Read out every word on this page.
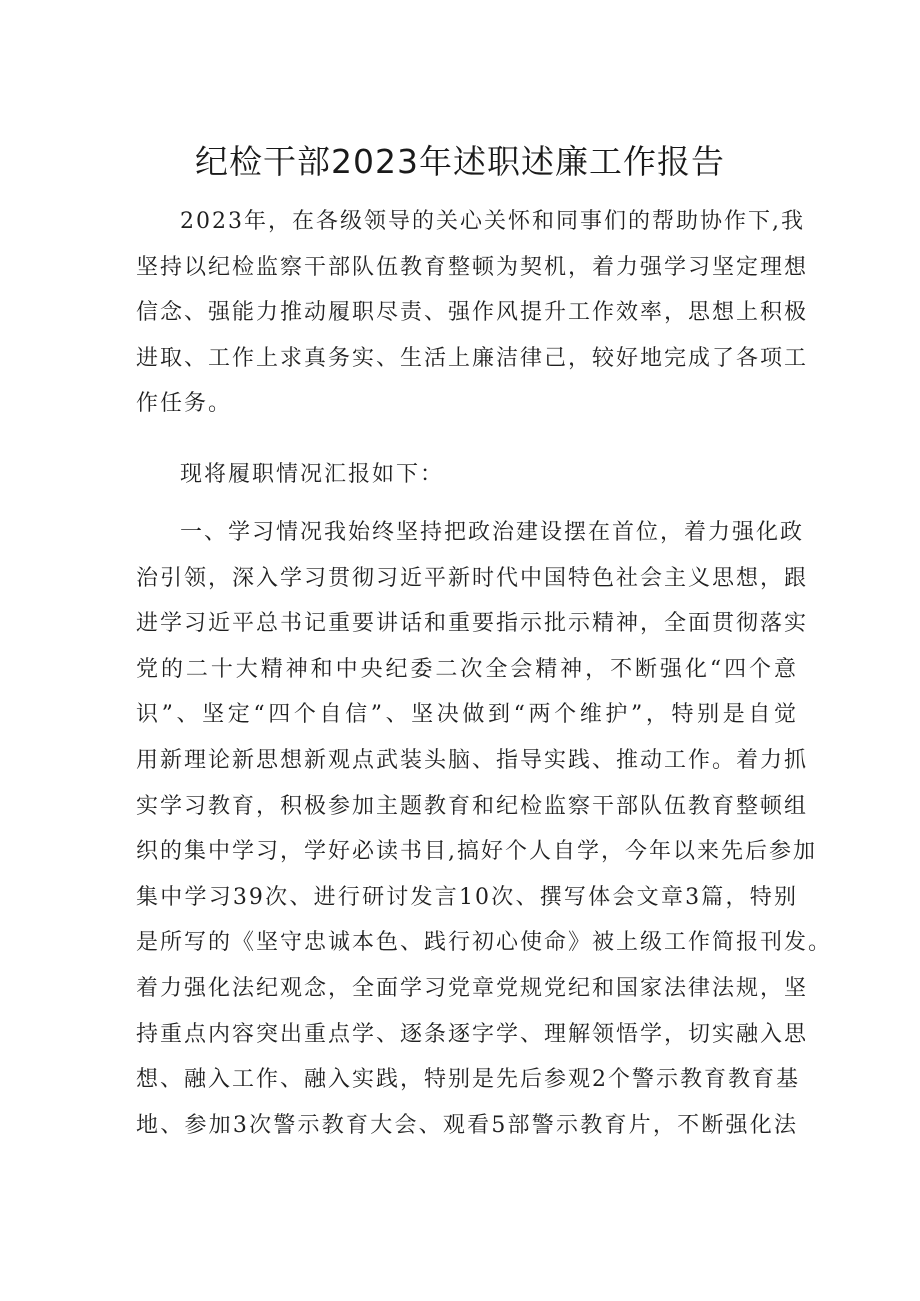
纪检干部2023年述职述廉工作报告
2023年，在各级领导的关心关怀和同事们的帮助协作下,我
坚持以纪检监察干部队伍教育整顿为契机，着力强学习坚定理想
信念、强能力推动履职尽责、强作风提升工作效率，思想上积极
进取、工作上求真务实、生活上廉洁律己，较好地完成了各项工
作任务。
现将履职情况汇报如下：
一、学习情况我始终坚持把政治建设摆在首位，着力强化政
治引领，深入学习贯彻习近平新时代中国特色社会主义思想，跟
进学习近平总书记重要讲话和重要指示批示精神，全面贯彻落实
党的二十大精神和中央纪委二次全会精神，不断强化“四个意
识”、坚定“四个自信”、坚决做到“两个维护”，特别是自觉
用新理论新思想新观点武装头脑、指导实践、推动工作。着力抓
实学习教育，积极参加主题教育和纪检监察干部队伍教育整顿组
织的集中学习，学好必读书目,搞好个人自学，今年以来先后参加
集中学习39次、进行研讨发言10次、撰写体会文章3篇，特别
是所写的《坚守忠诚本色、践行初心使命》被上级工作简报刊发。
着力强化法纪观念，全面学习党章党规党纪和国家法律法规，坚
持重点内容突出重点学、逐条逐字学、理解领悟学，切实融入思
想、融入工作、融入实践，特别是先后参观2个警示教育教育基
地、参加3次警示教育大会、观看5部警示教育片，不断强化法
